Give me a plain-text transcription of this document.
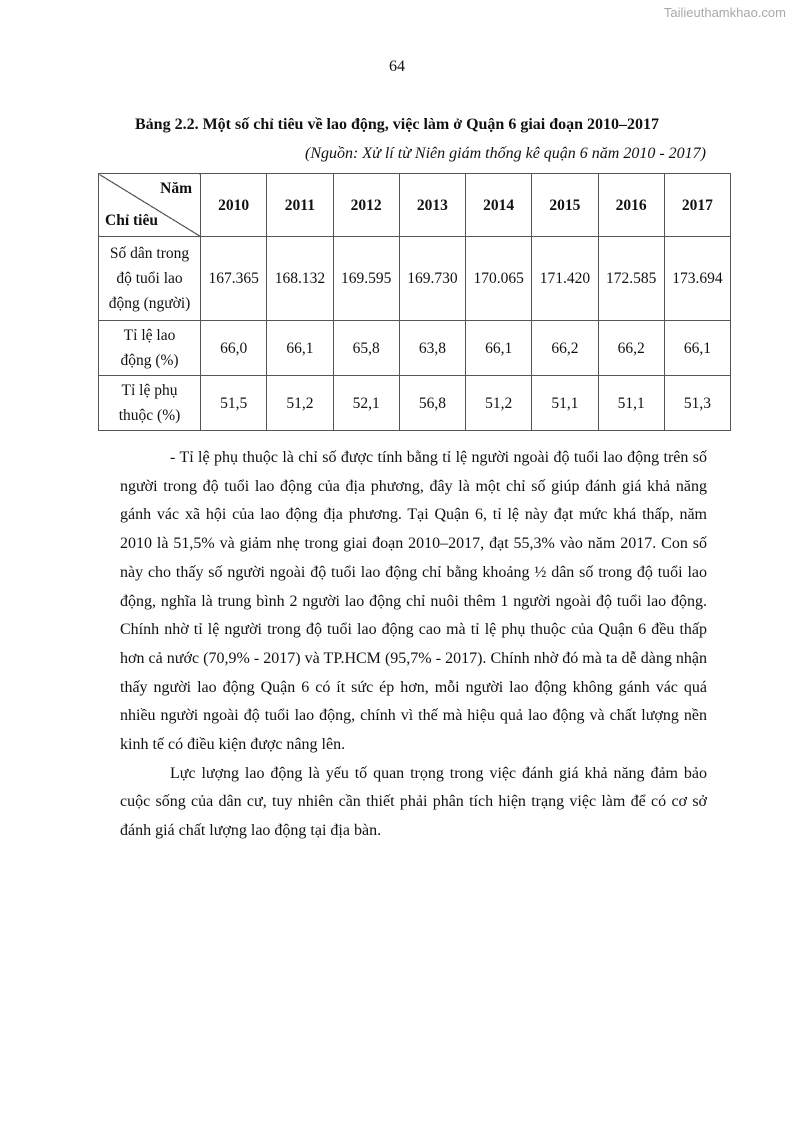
Tailieuthamkhao.com
64
Bảng 2.2. Một số chỉ tiêu về lao động, việc làm ở Quận 6 giai đoạn 2010–2017
(Nguồn: Xử lí từ Niên giám thống kê quận 6 năm 2010 - 2017)
Năm
Chỉ tiêu	2010	2011	2012	2013	2014	2015	2016	2017

Số dân trong
độ tuổi lao
động (người)	167.365	168.132	169.595	169.730	170.065	171.420	172.585	173.694

Tỉ lệ lao
động (%)	66,0	66,1	65,8	63,8	66,1	66,2	66,2	66,1

Tỉ lệ phụ
thuộc (%)	51,5	51,2	52,1	56,8	51,2	51,1	51,1	51,3

- Tỉ lệ phụ thuộc là chỉ số được tính bằng tỉ lệ người ngoài độ tuổi lao động trên số người trong độ tuổi lao động của địa phương, đây là một chỉ số giúp đánh giá khả năng gánh vác xã hội của lao động địa phương. Tại Quận 6, tỉ lệ này đạt mức khá thấp, năm 2010 là 51,5% và giảm nhẹ trong giai đoạn 2010–2017, đạt 55,3% vào năm 2017. Con số này cho thấy số người ngoài độ tuổi lao động chỉ bằng khoảng ½ dân số trong độ tuổi lao động, nghĩa là trung bình 2 người lao động chỉ nuôi thêm 1 người ngoài độ tuổi lao động. Chính nhờ tỉ lệ người trong độ tuổi lao động cao mà tỉ lệ phụ thuộc của Quận 6 đều thấp hơn cả nước (70,9% - 2017) và TP.HCM (95,7% - 2017). Chính nhờ đó mà ta dễ dàng nhận thấy người lao động Quận 6 có ít sức ép hơn, mỗi người lao động không gánh vác quá nhiều người ngoài độ tuổi lao động, chính vì thế mà hiệu quả lao động và chất lượng nền kinh tế có điều kiện được nâng lên.

Lực lượng lao động là yếu tố quan trọng trong việc đánh giá khả năng đảm bảo cuộc sống của dân cư, tuy nhiên cần thiết phải phân tích hiện trạng việc làm để có cơ sở đánh giá chất lượng lao động tại địa bàn.
